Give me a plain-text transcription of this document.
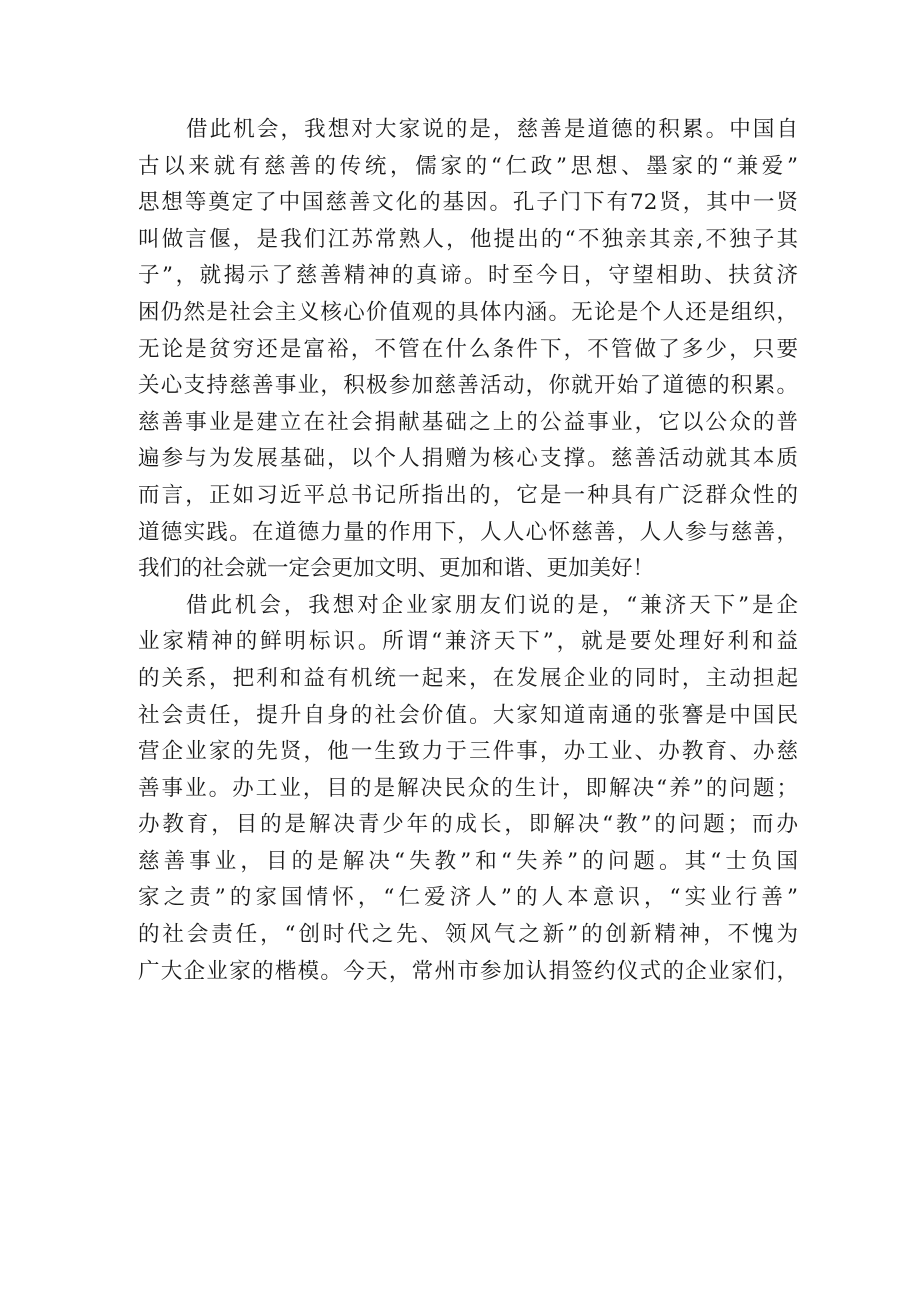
借此机会，我想对大家说的是，慈善是道德的积累。中国自
古以来就有慈善的传统，儒家的“仁政”思想、墨家的“兼爱”
思想等奠定了中国慈善文化的基因。孔子门下有72贤，其中一贤
叫做言偃，是我们江苏常熟人，他提出的“不独亲其亲,不独子其
子”，就揭示了慈善精神的真谛。时至今日，守望相助、扶贫济
困仍然是社会主义核心价值观的具体内涵。无论是个人还是组织，
无论是贫穷还是富裕，不管在什么条件下，不管做了多少，只要
关心支持慈善事业，积极参加慈善活动，你就开始了道德的积累。
慈善事业是建立在社会捐献基础之上的公益事业，它以公众的普
遍参与为发展基础，以个人捐赠为核心支撑。慈善活动就其本质
而言，正如习近平总书记所指出的，它是一种具有广泛群众性的
道德实践。在道德力量的作用下，人人心怀慈善，人人参与慈善，
我们的社会就一定会更加文明、更加和谐、更加美好！
借此机会，我想对企业家朋友们说的是，“兼济天下”是企
业家精神的鲜明标识。所谓“兼济天下”，就是要处理好利和益
的关系，把利和益有机统一起来，在发展企业的同时，主动担起
社会责任，提升自身的社会价值。大家知道南通的张謇是中国民
营企业家的先贤，他一生致力于三件事，办工业、办教育、办慈
善事业。办工业，目的是解决民众的生计，即解决“养”的问题；
办教育，目的是解决青少年的成长，即解决“教”的问题；而办
慈善事业，目的是解决“失教”和“失养”的问题。其“士负国
家之责”的家国情怀，“仁爱济人”的人本意识，“实业行善”
的社会责任，“创时代之先、领风气之新”的创新精神，不愧为
广大企业家的楷模。今天，常州市参加认捐签约仪式的企业家们，
